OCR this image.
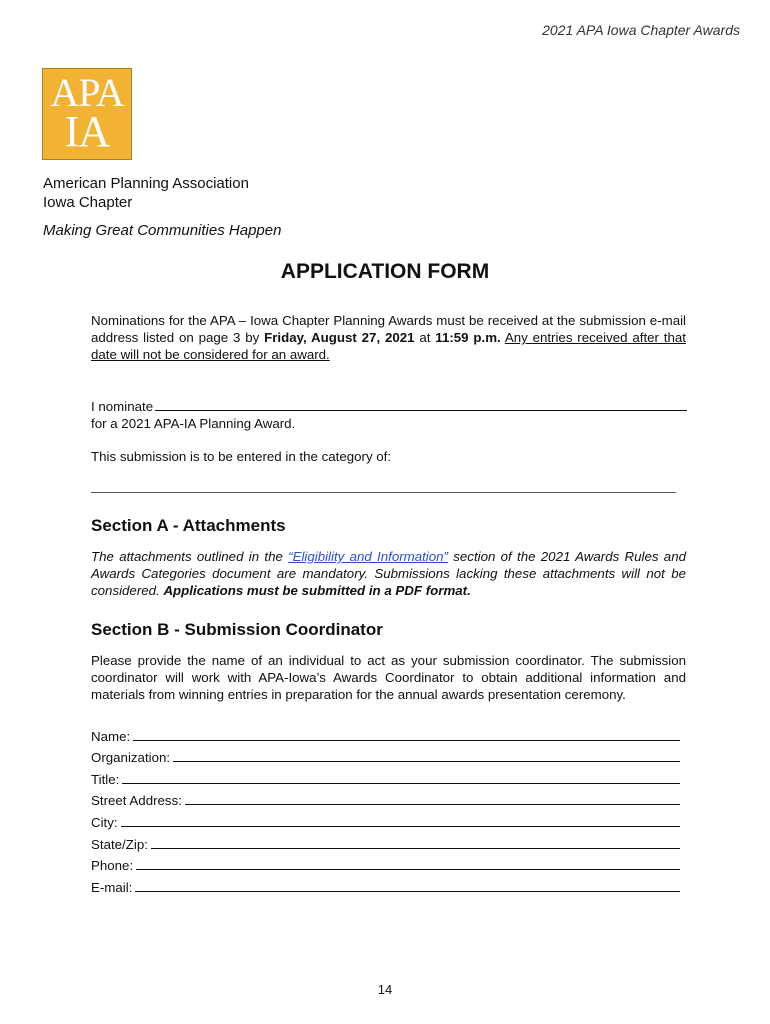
2021 APA Iowa Chapter Awards
APA
IA
American Planning Association
Iowa Chapter
Making Great Communities Happen
APPLICATION FORM
Nominations for the APA – Iowa Chapter Planning Awards must be received at the submission e-mail address listed on page 3 by Friday, August 27, 2021 at 11:59 p.m. Any entries received after that date will not be considered for an award.
I nominate
for a 2021 APA-IA Planning Award.
This submission is to be entered in the category of:
Section A - Attachments
The attachments outlined in the “Eligibility and Information” section of the 2021 Awards Rules and Awards Categories document are mandatory. Submissions lacking these attachments will not be considered. Applications must be submitted in a PDF format.
Section B - Submission Coordinator
Please provide the name of an individual to act as your submission coordinator. The submission coordinator will work with APA-Iowa’s Awards Coordinator to obtain additional information and materials from winning entries in preparation for the annual awards presentation ceremony.
Name:
Organization:
Title:
Street Address:
City:
State/Zip:
Phone:
E-mail:
14
